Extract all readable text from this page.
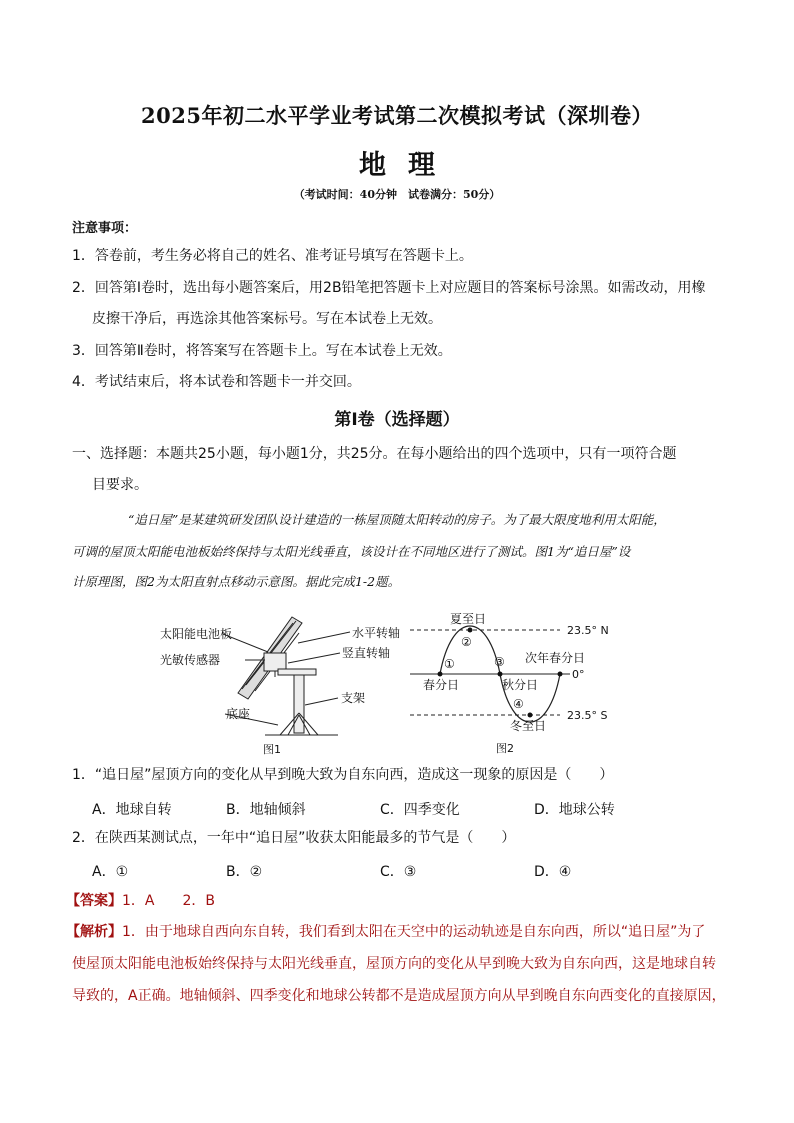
2025年初二水平学业考试第二次模拟考试（深圳卷）
地理
（考试时间：40分钟　试卷满分：50分）
注意事项：
1．答卷前，考生务必将自己的姓名、准考证号填写在答题卡上。
2．回答第Ⅰ卷时，选出每小题答案后，用2B铅笔把答题卡上对应题目的答案标号涂黑。如需改动，用橡
皮擦干净后，再选涂其他答案标号。写在本试卷上无效。
3．回答第Ⅱ卷时，将答案写在答题卡上。写在本试卷上无效。
4．考试结束后，将本试卷和答题卡一并交回。
第Ⅰ卷（选择题）
一、选择题：本题共25小题，每小题1分，共25分。在每小题给出的四个选项中，只有一项符合题
目要求。
“追日屋”是某建筑研发团队设计建造的一栋屋顶随太阳转动的房子。为了最大限度地利用太阳能，
可调的屋顶太阳能电池板始终保持与太阳光线垂直，该设计在不同地区进行了测试。图1为“追日屋”设
计原理图，图2为太阳直射点移动示意图。据此完成1-2题。
太阳能电池板
光敏传感器
水平转轴
竖直转轴
支架
底座
图1
夏至日
②
①	③ 次年春分日
春分日	秋分日
④
冬至日
23.5° N
0°
23.5° S
图2
1．“追日屋”屋顶方向的变化从早到晚大致为自东向西，造成这一现象的原因是（　　）
A．地球自转	B．地轴倾斜	C．四季变化	D．地球公转
2．在陕西某测试点，一年中“追日屋”收获太阳能最多的节气是（　　）
A．①	B．②	C．③	D．④
【答案】1．A　　2．B
【解析】1．由于地球自西向东自转，我们看到太阳在天空中的运动轨迹是自东向西，所以“追日屋”为了
使屋顶太阳能电池板始终保持与太阳光线垂直，屋顶方向的变化从早到晚大致为自东向西，这是地球自转
导致的，A正确。地轴倾斜、四季变化和地球公转都不是造成屋顶方向从早到晚自东向西变化的直接原因，
